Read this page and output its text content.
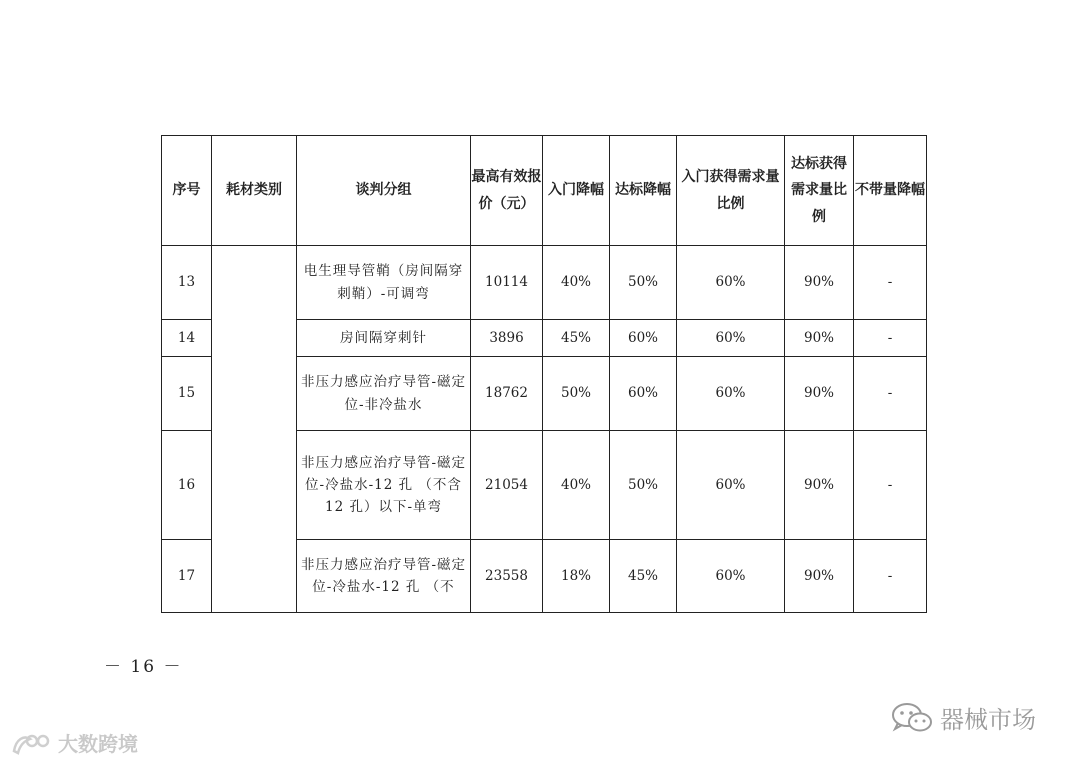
序号	耗材类别	谈判分组	最高有效报价（元）	入门降幅	达标降幅	入门获得需求量比例	达标获得需求量比例	不带量降幅
13		电生理导管鞘（房间隔穿刺鞘）-可调弯	10114	40%	50%	60%	90%	-
14		房间隔穿刺针	3896	45%	60%	60%	90%	-
15		非压力感应治疗导管-磁定位-非冷盐水	18762	50%	60%	60%	90%	-
16		非压力感应治疗导管-磁定位-冷盐水-12 孔 （不含 12 孔）以下-单弯	21054	40%	50%	60%	90%	-
17		非压力感应治疗导管-磁定位-冷盐水-12 孔 （不	23558	18%	45%	60%	90%	-
－ 16 －
大数跨境
器械市场
